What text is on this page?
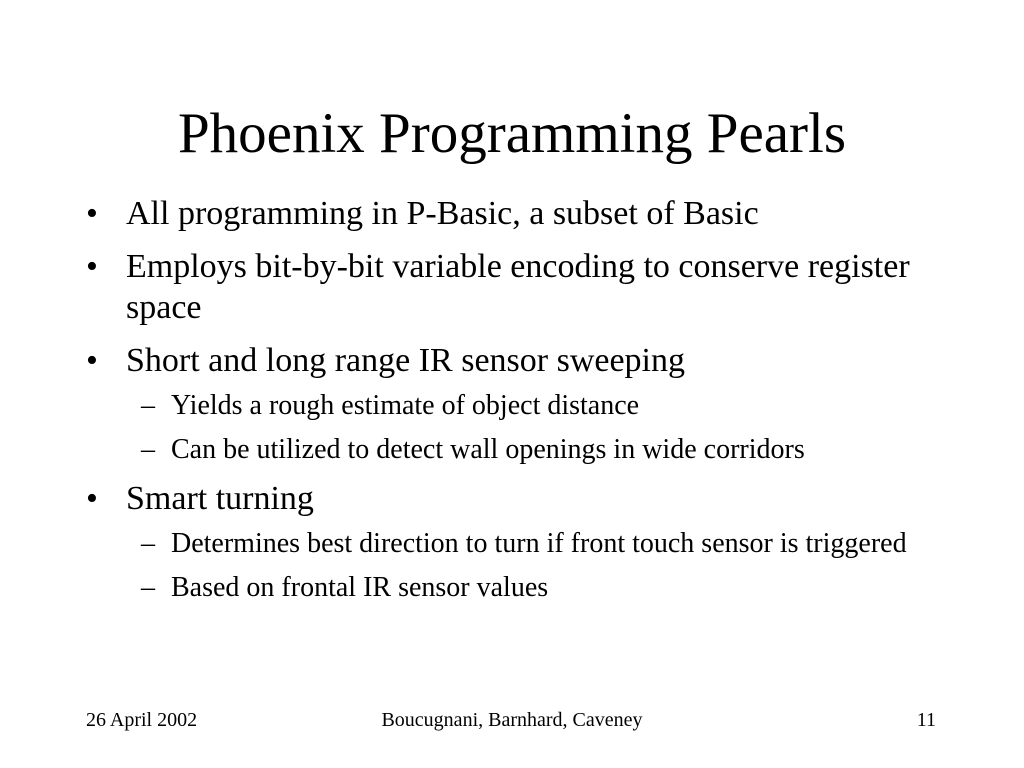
Phoenix Programming Pearls
• All programming in P-Basic, a subset of Basic
• Employs bit-by-bit variable encoding to conserve register space
• Short and long range IR sensor sweeping
– Yields a rough estimate of object distance
– Can be utilized to detect wall openings in wide corridors
• Smart turning
– Determines best direction to turn if front touch sensor is triggered
– Based on frontal IR sensor values
Boucugnani, Barnhard, Caveney
26 April 2002	11
